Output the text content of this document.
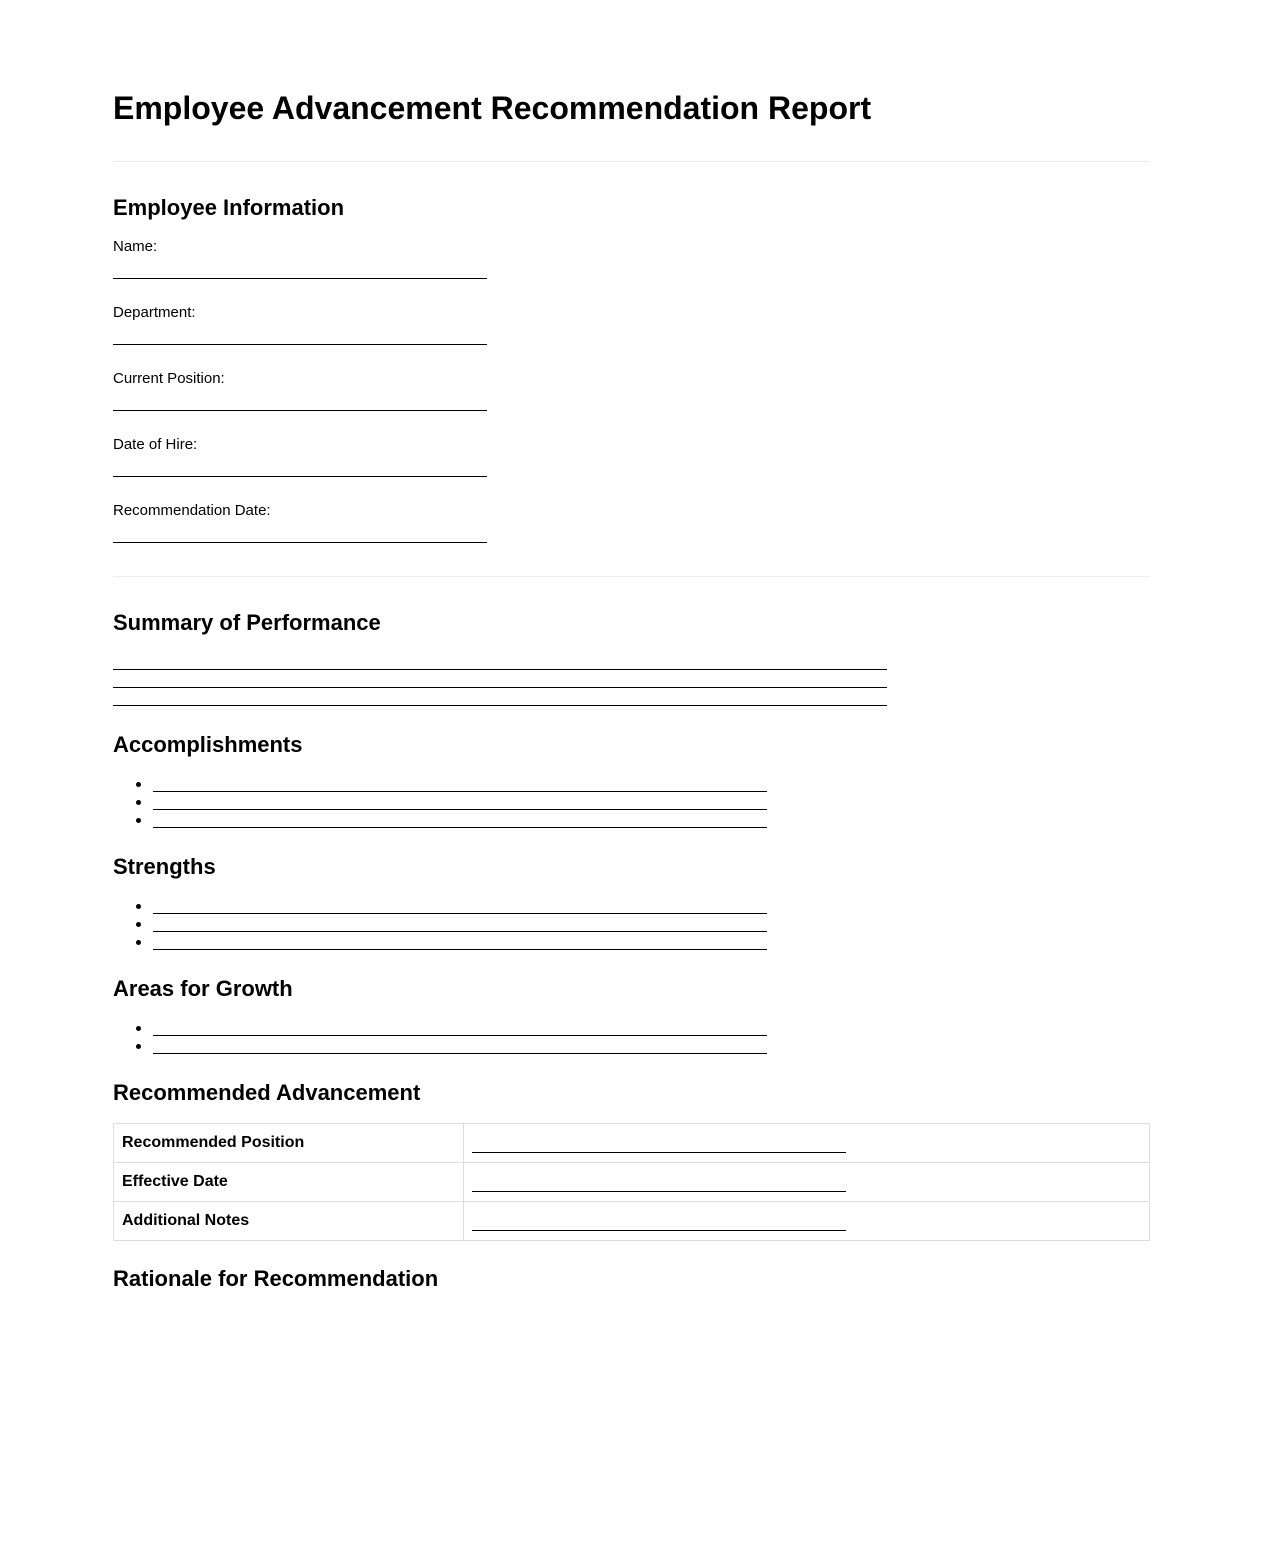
Employee Advancement Recommendation Report
Employee Information
Name:
Department:
Current Position:
Date of Hire:
Recommendation Date:
Summary of Performance
Accomplishments
Strengths
Areas for Growth
Recommended Advancement
Recommended Position	
Effective Date	
Additional Notes	
Rationale for Recommendation
